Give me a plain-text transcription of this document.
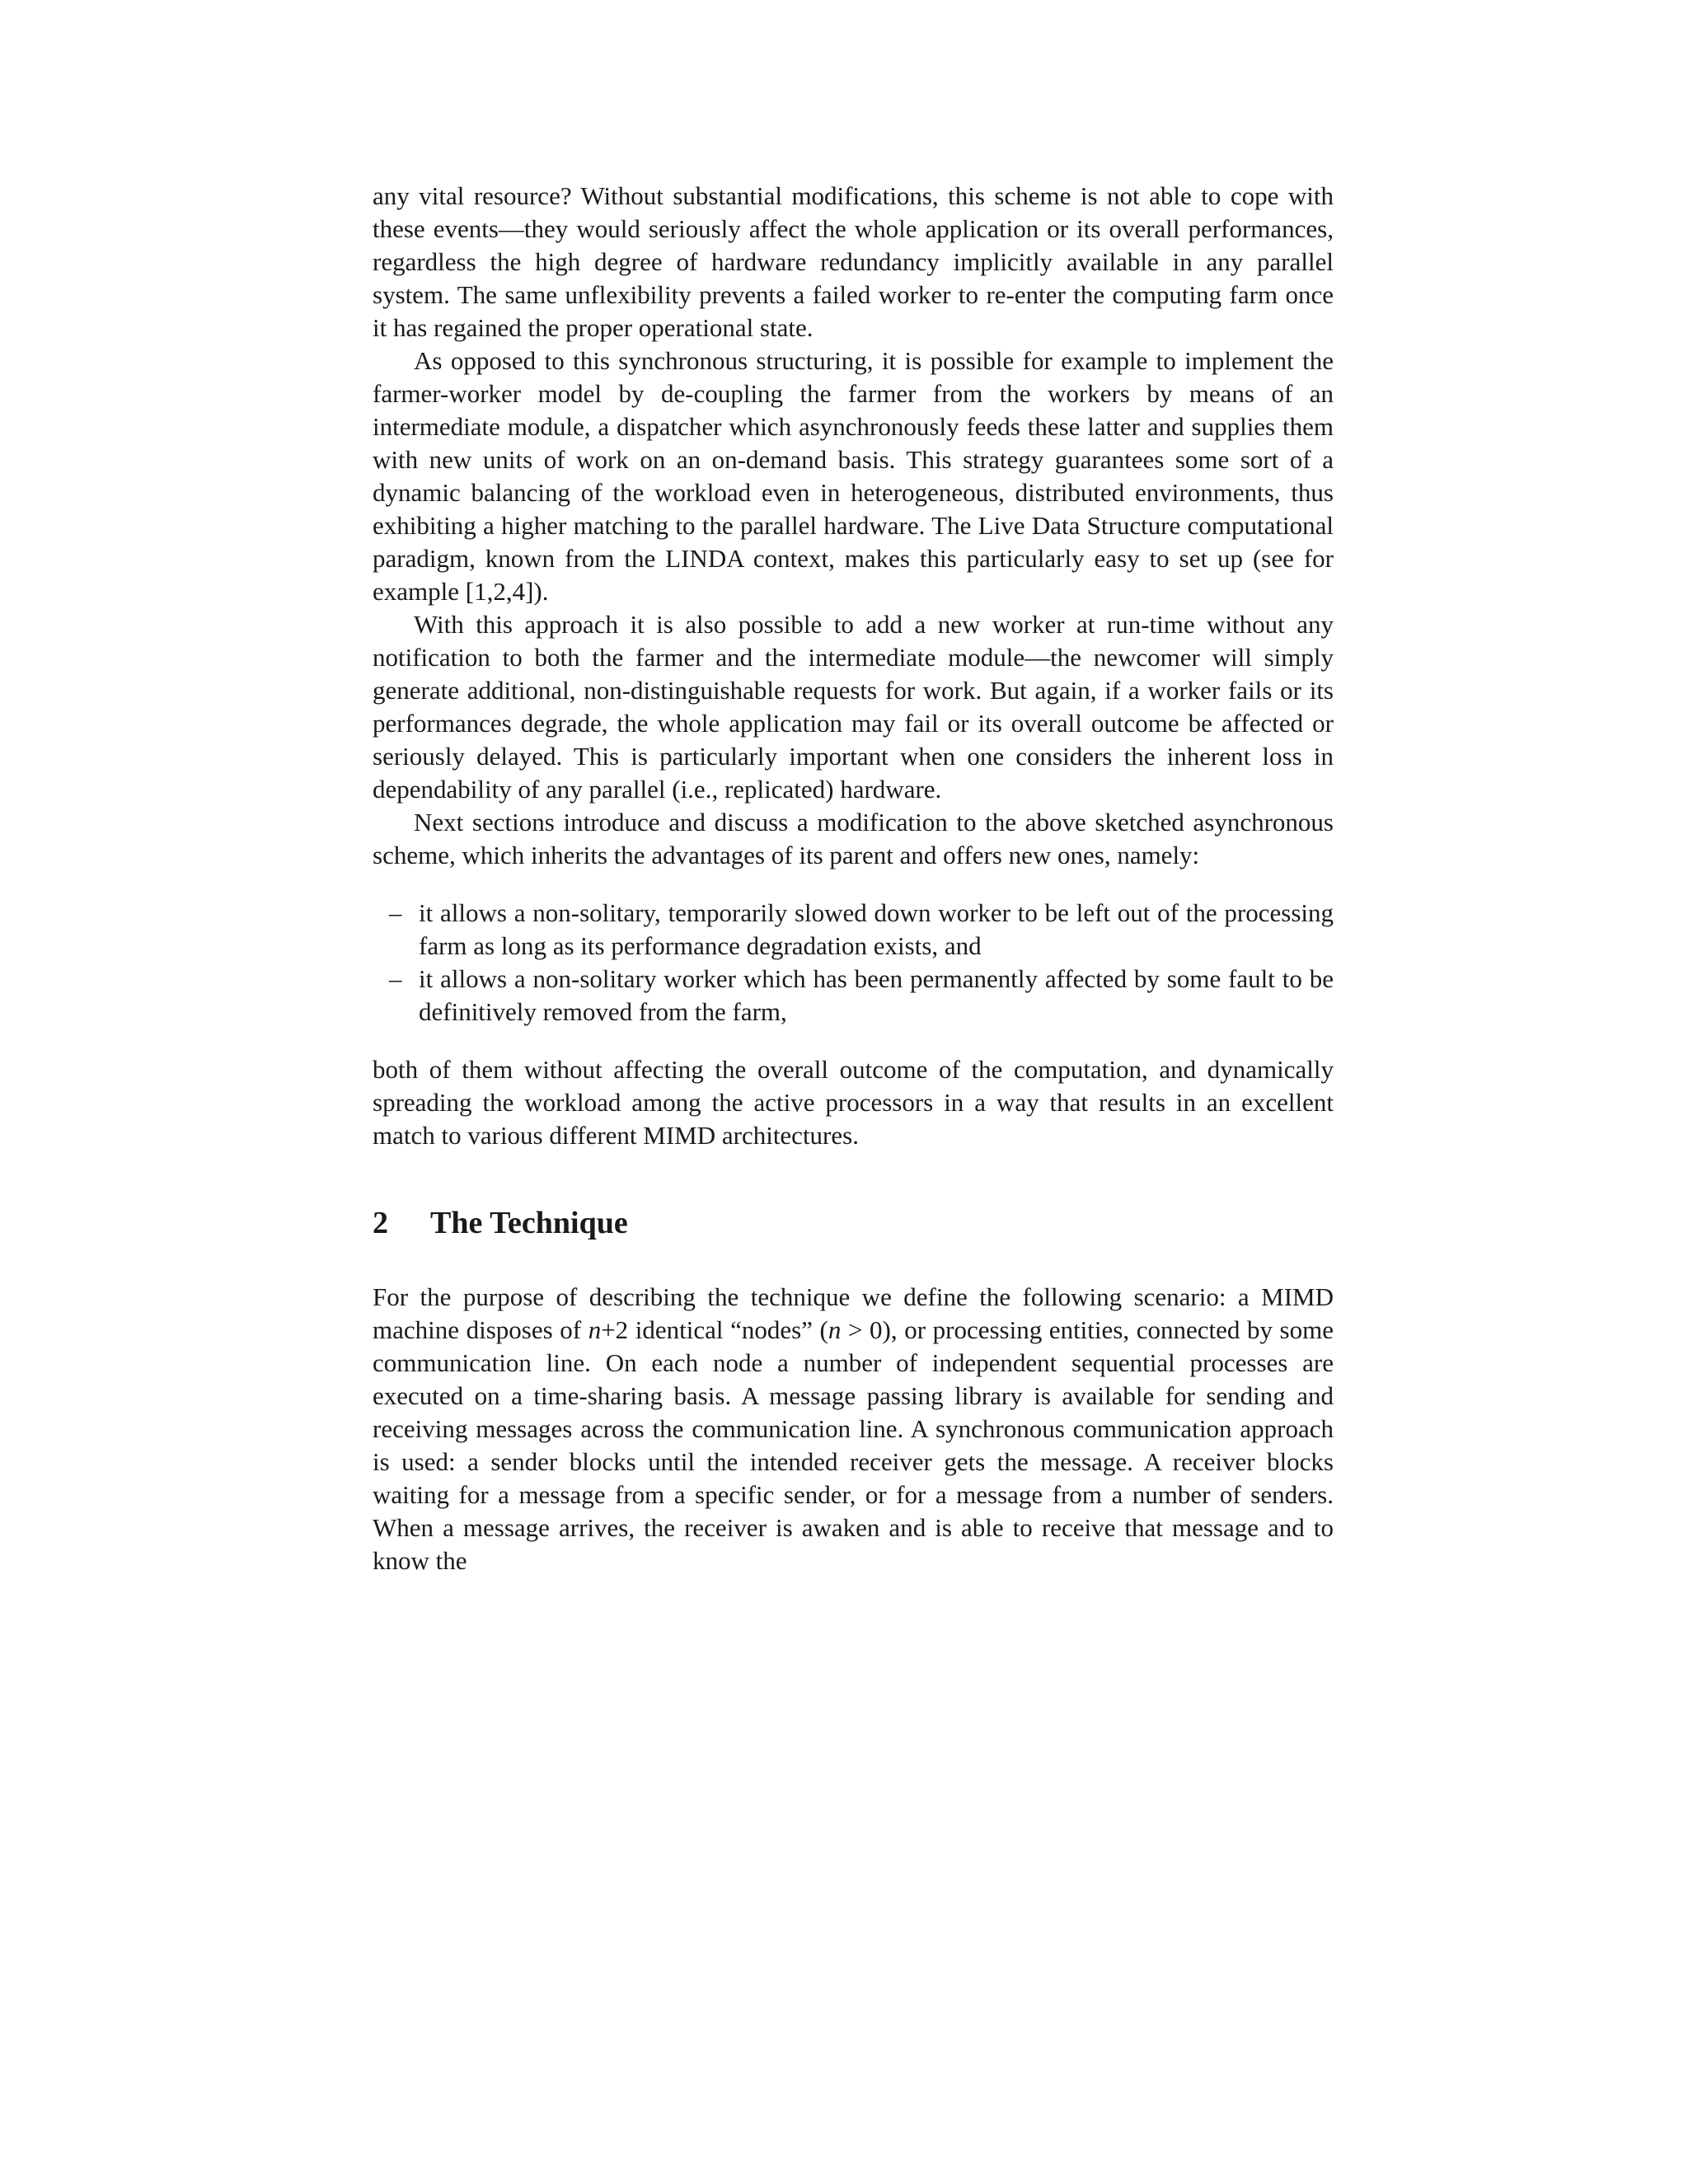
any vital resource? Without substantial modifications, this scheme is not able to cope with these events—they would seriously affect the whole application or its overall performances, regardless the high degree of hardware redundancy implicitly available in any parallel system. The same unflexibility prevents a failed worker to re-enter the computing farm once it has regained the proper operational state.

As opposed to this synchronous structuring, it is possible for example to implement the farmer-worker model by de-coupling the farmer from the workers by means of an intermediate module, a dispatcher which asynchronously feeds these latter and supplies them with new units of work on an on-demand basis. This strategy guarantees some sort of a dynamic balancing of the workload even in heterogeneous, distributed environments, thus exhibiting a higher matching to the parallel hardware. The Live Data Structure computational paradigm, known from the LINDA context, makes this particularly easy to set up (see for example [1,2,4]).

With this approach it is also possible to add a new worker at run-time without any notification to both the farmer and the intermediate module—the newcomer will simply generate additional, non-distinguishable requests for work. But again, if a worker fails or its performances degrade, the whole application may fail or its overall outcome be affected or seriously delayed. This is particularly important when one considers the inherent loss in dependability of any parallel (i.e., replicated) hardware.

Next sections introduce and discuss a modification to the above sketched asynchronous scheme, which inherits the advantages of its parent and offers new ones, namely:

– it allows a non-solitary, temporarily slowed down worker to be left out of the processing farm as long as its performance degradation exists, and
– it allows a non-solitary worker which has been permanently affected by some fault to be definitively removed from the farm,

both of them without affecting the overall outcome of the computation, and dynamically spreading the workload among the active processors in a way that results in an excellent match to various different MIMD architectures.

2 The Technique

For the purpose of describing the technique we define the following scenario: a MIMD machine disposes of n+2 identical “nodes” (n > 0), or processing entities, connected by some communication line. On each node a number of independent sequential processes are executed on a time-sharing basis. A message passing library is available for sending and receiving messages across the communication line. A synchronous communication approach is used: a sender blocks until the intended receiver gets the message. A receiver blocks waiting for a message from a specific sender, or for a message from a number of senders. When a message arrives, the receiver is awaken and is able to receive that message and to know the
